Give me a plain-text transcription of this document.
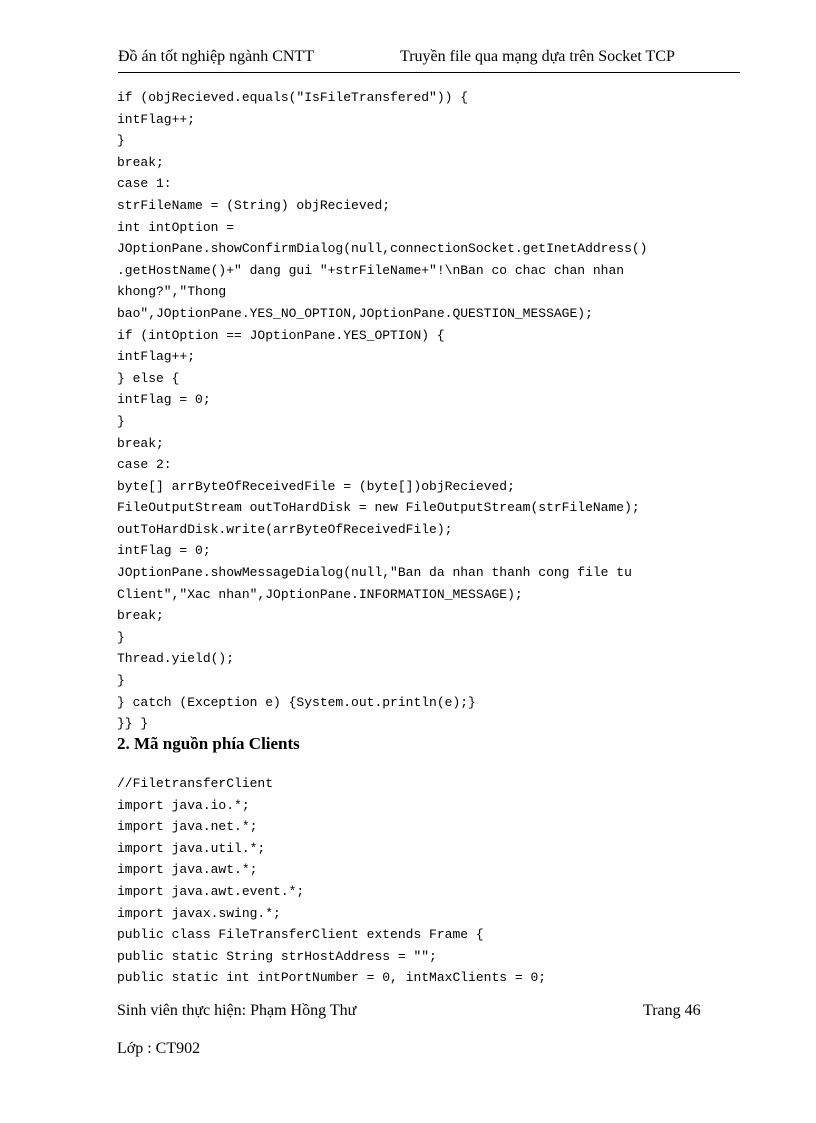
Đồ án tốt nghiệp ngành CNTT	Truyền file qua mạng dựa trên Socket TCP
if (objRecieved.equals("IsFileTransfered")) {
intFlag++;
}
break;
case 1:
strFileName = (String) objRecieved;
int intOption =
JOptionPane.showConfirmDialog(null,connectionSocket.getInetAddress()
.getHostName()+" dang gui "+strFileName+"!\nBan co chac chan nhan
khong?","Thong
bao",JOptionPane.YES_NO_OPTION,JOptionPane.QUESTION_MESSAGE);
if (intOption == JOptionPane.YES_OPTION) {
intFlag++;
} else {
intFlag = 0;
}
break;
case 2:
byte[] arrByteOfReceivedFile = (byte[])objRecieved;
FileOutputStream outToHardDisk = new FileOutputStream(strFileName);
outToHardDisk.write(arrByteOfReceivedFile);
intFlag = 0;
JOptionPane.showMessageDialog(null,"Ban da nhan thanh cong file tu
Client","Xac nhan",JOptionPane.INFORMATION_MESSAGE);
break;
}
Thread.yield();
}
} catch (Exception e) {System.out.println(e);}
}} }
2. Mã nguồn phía Clients
//FiletransferClient
import java.io.*;
import java.net.*;
import java.util.*;
import java.awt.*;
import java.awt.event.*;
import javax.swing.*;
public class FileTransferClient extends Frame {
public static String strHostAddress = "";
public static int intPortNumber = 0, intMaxClients = 0;
Sinh viên thực hiện: Phạm Hồng Thư	Trang 46
Lớp : CT902
